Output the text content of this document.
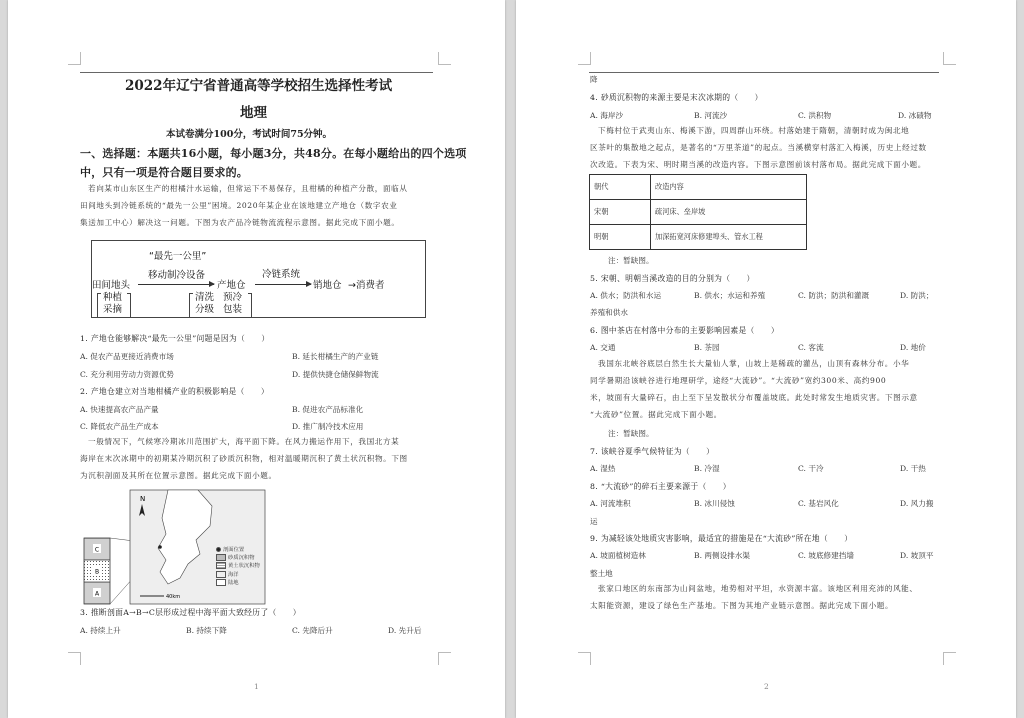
2022年辽宁省普通高等学校招生选择性考试

地理

本试卷满分100分，考试时间75分钟。

一、选择题：本题共16小题，每小题3分，共48分。在每小题给出的四个选项

中，只有一项是符合题目要求的。

若向某市山东区生产的柑橘汁水运输，但常运下不易保存，且柑橘的种植产分散，面临从

田间地头到冷链系统的“最先一公里”困境。2020年某企业在该地建立产地仓（数字农业

集送加工中心）解决这一问题。下图为农产品冷链物流流程示意图。据此完成下面小题。

“最先一公里”

田间地头

移动制冷设备

产地仓

冷链系统

销地仓 →消费者

种植

采摘

清洗

分级

预冷

包装

1. 产地仓能够解决“最先一公里”问题是因为（　　）

A. 促农产品更接近消费市场	B. 延长柑橘生产的产业链

C. 充分利用劳动力资源优势	D. 提供快捷仓储保鲜物流

2. 产地仓建立对当地柑橘产业的积极影响是（　　）

A. 快速提高农产品产量	B. 促进农产品标准化

C. 降低农产品生产成本	D. 推广制冷技术应用

一般情况下，气候寒冷期冰川范围扩大，海平面下降。在风力搬运作用下，我国北方某

海岸在末次冰期中的初期某冷期沉积了砂质沉积物，相对温暖期沉积了黄土状沉积物。下图

为沉积剖面及其所在位置示意图。据此完成下面小题。

C
B
A
N
40km
剖面位置
砂质沉积物
黄土状沉积物
海洋
陆地

3. 推断剖面A→B→C层形成过程中海平面大致经历了（　　）

A. 持续上升	B. 持续下降	C. 先降后升	D. 先升后

1

降

4. 砂质沉积物的来源主要是末次冰期的（　　）

A. 海岸沙	B. 河流沙	C. 洪积物	D. 冰碛物

下梅村位于武夷山东、梅溪下游，四周群山环绕。村落始建于隋朝，清朝时成为闽北地

区茶叶的集散地之起点，是著名的“万里茶道”的起点。当溪横穿村落汇入梅溪，历史上经过数

次改造。下表为宋、明时期当溪的改造内容。下图示意图前该村落布局。据此完成下面小题。

朝代	改造内容
宋朝	疏河床、垒岸坡
明朝	加深拓宽河床修建埠头、管水工程

注：暂缺图。

5. 宋朝、明朝当溪改造的目的分别为（　　）

A. 供水；防洪和水运	B. 供水；水运和养殖	C. 防洪；防洪和灌溉	D. 防洪；

养殖和供水

6. 图中茶店在村落中分布的主要影响因素是（　　）

A. 交通	B. 茶园	C. 客流	D. 地价

我国东北峡谷底层白然生长大量仙人掌，山坡上是稀疏的灌丛，山顶有森林分布。小华

同学暑期沿该峡谷进行地理研学，途经“大流砂”。“大流砂”宽约300米、高约900

米，坡面有大量碎石，由上至下呈发散状分布覆盖坡底。此处时常发生地质灾害。下图示意

“大流砂”位置。据此完成下面小题。

注：暂缺图。

7. 该峡谷夏季气候特征为（　　）

A. 湿热	B. 冷湿	C. 干冷	D. 干热

8. “大流砂”的碎石主要来源于（　　）

A. 河流堆积	B. 冰川侵蚀	C. 基岩风化	D. 风力搬

运

9. 为减轻该处地质灾害影响，最适宜的措施是在“大流砂”所在地（　　）

A. 坡面植树造林	B. 两侧设排水渠	C. 坡底修建挡墙	D. 坡顶平

整土地

张家口地区的东南部为山间盆地，地势相对平坦，水资源丰富。该地区利用充沛的风能、

太阳能资源，建设了绿色生产基地。下图为其地产业链示意图。据此完成下面小题。

2
